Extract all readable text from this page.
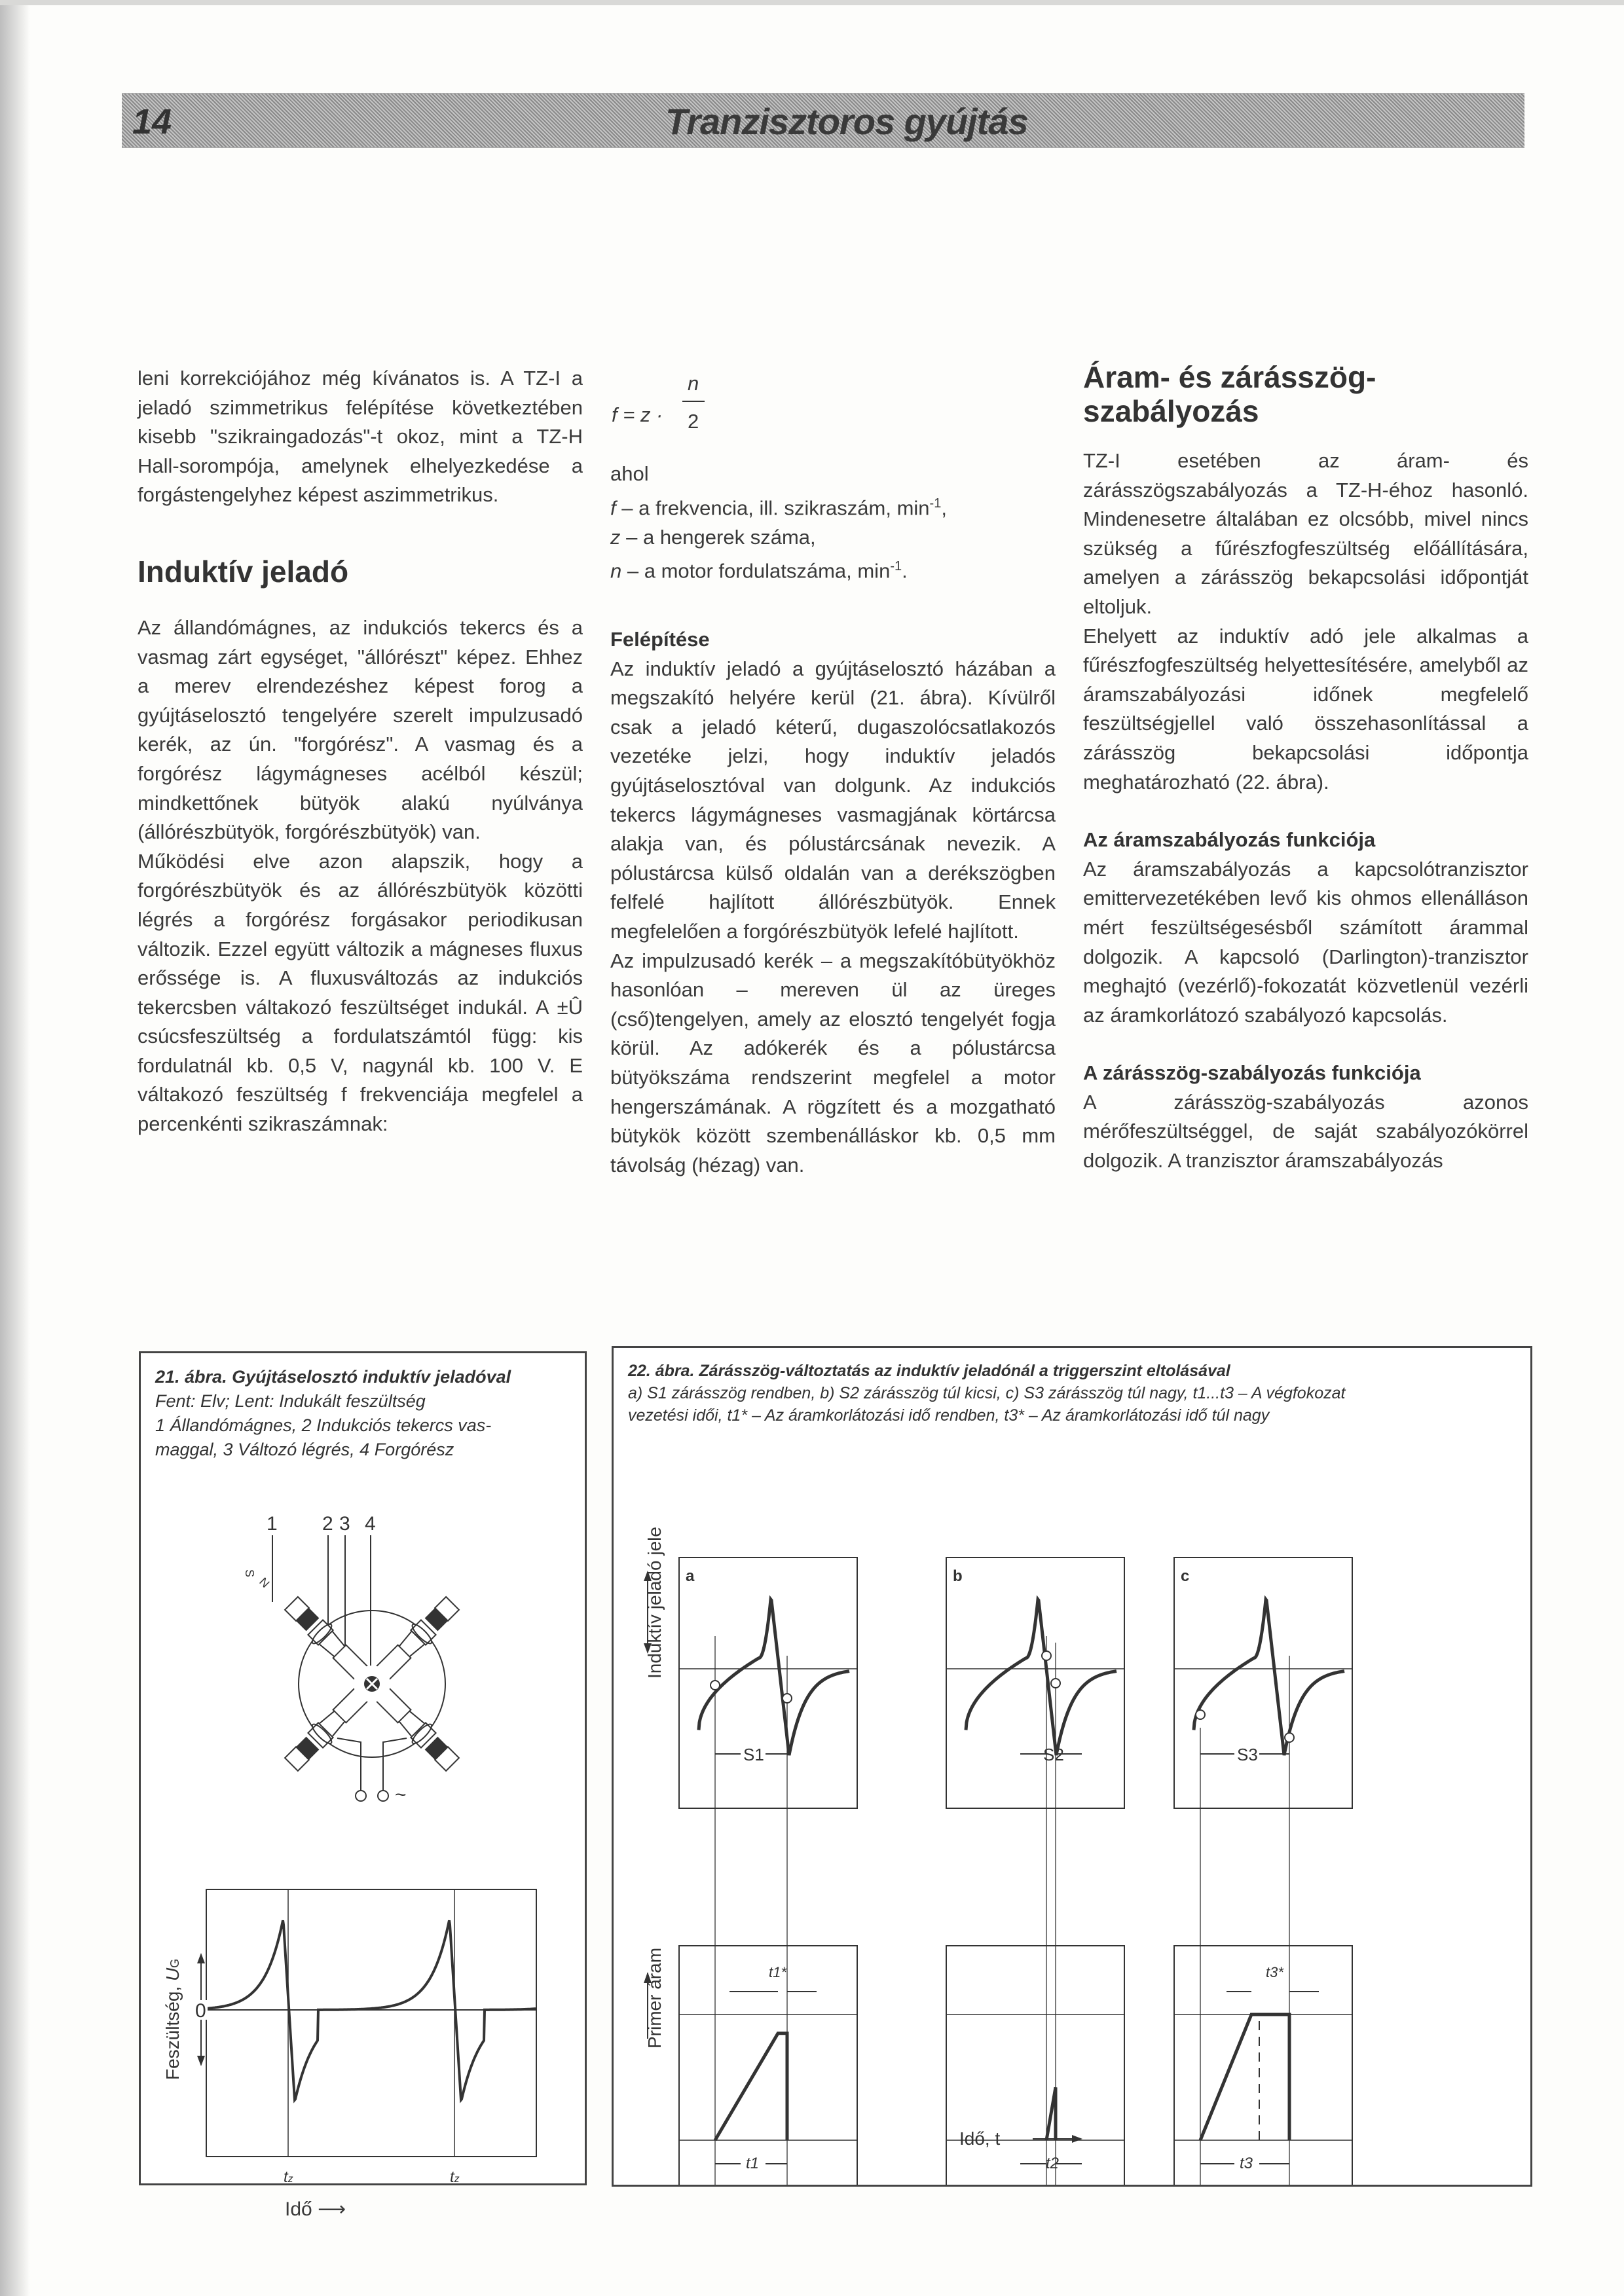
14	Tranzisztoros gyújtás

leni korrekciójához még kívánatos is. A TZ-I a jeladó szimmetrikus felépítése következtében kisebb "szikraingadozás"-t okoz, mint a TZ-H Hall-sorompója, amelynek elhelyezkedése a forgástengelyhez képest aszimmetrikus.

Induktív jeladó

Az állandómágnes, az indukciós tekercs és a vasmag zárt egységet, "állórészt" képez. Ehhez a merev elrendezéshez képest forog a gyújtáselosztó tengelyére szerelt impulzusadó kerék, az ún. "forgórész". A vasmag és a forgórész lágymágneses acélból készül; mindkettőnek bütyök alakú nyúlványa (állórészbütyök, forgórészbütyök) van.

Működési elve azon alapszik, hogy a forgórészbütyök és az állórészbütyök közötti légrés a forgórész forgásakor periodikusan változik. Ezzel együtt változik a mágneses fluxus erőssége is. A fluxusváltozás az indukciós tekercsben váltakozó feszültséget indukál. A ±Û csúcsfeszültség a fordulatszámtól függ: kis fordulatnál kb. 0,5 V, nagynál kb. 100 V. E váltakozó feszültség f frekvenciája megfelel a percenkénti szikraszámnak:

f = z ·
n
2

ahol

f – a frekvencia, ill. szikraszám, $\min^{-1}$,

z – a hengerek száma,

n – a motor fordulatszáma, $\min^{-1}$.

Felépítése

Az induktív jeladó a gyújtáselosztó házában a megszakító helyére kerül (21. ábra). Kívülről csak a jeladó kéterű, dugaszolócsatlakozós vezetéke jelzi, hogy induktív jeladós gyújtáselosztóval van dolgunk. Az indukciós tekercs lágymágneses vasmagjának körtárcsa alakja van, és pólustárcsának nevezik. A pólustárcsa külső oldalán van a derékszögben felfelé hajlított állórészbütyök. Ennek megfelelően a forgórészbütyök lefelé hajlított.

Az impulzusadó kerék – a megszakítóbütyökhöz hasonlóan – mereven ül az üreges (cső)tengelyen, amely az elosztó tengelyét fogja körül. Az adókerék és a pólustárcsa bütyökszáma rendszerint megfelel a motor hengerszámának. A rögzített és a mozgatható bütykök között szembenálláskor kb. 0,5 mm távolság (hézag) van.

Áram- és zárásszög-szabályozás

TZ-I esetében az áram- és zárásszögszabályozás a TZ-H-éhoz hasonló. Mindenesetre általában ez olcsóbb, mivel nincs szükség a fűrészfogfeszültség előállítására, amelyen a zárásszög bekapcsolási időpontját eltoljuk.

Ehelyett az induktív adó jele alkalmas a fűrészfogfeszültség helyettesítésére, amelyből az áramszabályozási időnek megfelelő feszültségjellel való összehasonlítással a zárásszög bekapcsolási időpontja meghatározható (22. ábra).

Az áramszabályozás funkciója

Az áramszabályozás a kapcsolótranzisztor emittervezetékében levő kis ohmos ellenálláson mért feszültségesésből számított árammal dolgozik. A kapcsoló (Darlington)-tranzisztor meghajtó (vezérlő)-fokozatát közvetlenül vezérli az áramkorlátozó szabályozó kapcsolás.

A zárásszög-szabályozás funkciója

A zárásszög-szabályozás azonos mérőfeszültséggel, de saját szabályozókörrel dolgozik. A tranzisztor áramszabályozás

21. ábra. Gyújtáselosztó induktív jeladóval
Fent: Elv; Lent: Indukált feszültség
1 Állandómágnes, 2 Indukciós tekercs vas-
maggal, 3 Változó légrés, 4 Forgórész
1 2 3 4
S
N
~
Feszültség, UG
0
tz	tz
Idő ⟶
22. ábra. Zárásszög-változtatás az induktív jeladónál a triggerszint eltolásával
a) S1 zárásszög rendben, b) S2 zárásszög túl kicsi, c) S3 zárásszög túl nagy, t1...t3 – A végfokozat
vezetési idői, t1* – Az áramkorlátozási idő rendben, t3* – Az áramkorlátozási idő túl nagy
Induktív jeladó jele
Primer áram
Idő, t
a
S1
t1
t1*
b
S2
t2
c
S3
t3
t3*
